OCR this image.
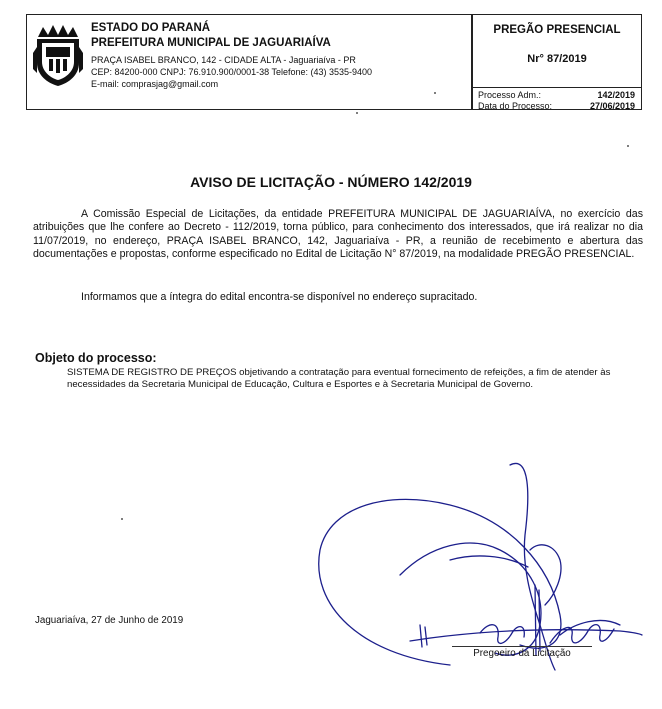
ESTADO DO PARANÁ
PREFEITURA MUNICIPAL DE JAGUARIAÍVA
PRAÇA ISABEL BRANCO, 142 - CIDADE ALTA - Jaguariaíva - PR
CEP: 84200-000 CNPJ: 76.910.900/0001-38 Telefone: (43) 3535-9400
E-mail: comprasjag@gmail.com
PREGÃO PRESENCIAL
Nr° 87/2019
Processo Adm.:	142/2019
Data do Processo:	27/06/2019
AVISO DE LICITAÇÃO - NÚMERO 142/2019
A Comissão Especial de Licitações, da entidade PREFEITURA MUNICIPAL DE JAGUARIAÍVA, no exercício das atribuições que lhe confere ao Decreto - 112/2019, torna público, para conhecimento dos interessados, que irá realizar no dia 11/07/2019, no endereço, PRAÇA ISABEL BRANCO, 142, Jaguariaíva - PR, a reunião de recebimento e abertura das documentações e propostas, conforme especificado no Edital de Licitação N° 87/2019, na modalidade PREGÃO PRESENCIAL.
Informamos que a íntegra do edital encontra-se disponível no endereço supracitado.
Objeto do processo:
SISTEMA DE REGISTRO DE PREÇOS objetivando a contratação para eventual fornecimento de refeições, a fim de atender às necessidades da Secretaria Municipal de Educação, Cultura e Esportes e à Secretaria Municipal de Governo.
Jaguariaíva, 27 de Junho de 2019
Pregoeiro da Licitação
